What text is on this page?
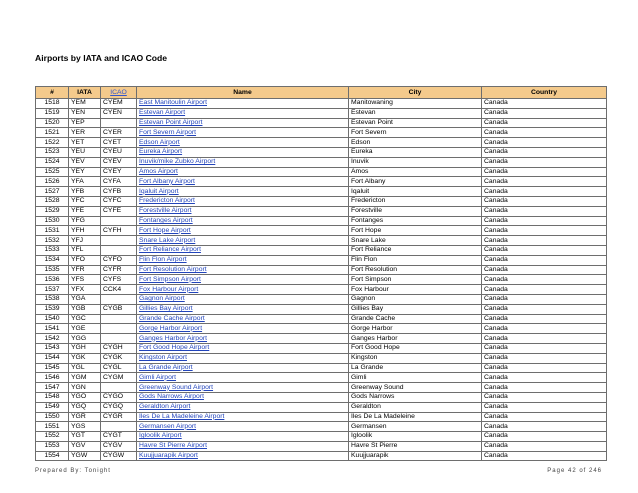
Airports by IATA and ICAO Code
#	IATA	ICAO	Name	City	Country
1518	YEM	CYEM	East Manitoulin Airport	Manitowaning	Canada
1519	YEN	CYEN	Estevan Airport	Estevan	Canada
1520	YEP		Estevan Point Airport	Estevan Point	Canada
1521	YER	CYER	Fort Severn Airport	Fort Severn	Canada
1522	YET	CYET	Edson Airport	Edson	Canada
1523	YEU	CYEU	Eureka Airport	Eureka	Canada
1524	YEV	CYEV	Inuvik/mike Zubko Airport	Inuvik	Canada
1525	YEY	CYEY	Amos Airport	Amos	Canada
1526	YFA	CYFA	Fort Albany Airport	Fort Albany	Canada
1527	YFB	CYFB	Iqaluit Airport	Iqaluit	Canada
1528	YFC	CYFC	Fredericton Airport	Fredericton	Canada
1529	YFE	CYFE	Forestville Airport	Forestville	Canada
1530	YFG		Fontanges Airport	Fontanges	Canada
1531	YFH	CYFH	Fort Hope Airport	Fort Hope	Canada
1532	YFJ		Snare Lake Airport	Snare Lake	Canada
1533	YFL		Fort Reliance Airport	Fort Reliance	Canada
1534	YFO	CYFO	Flin Flon Airport	Flin Flon	Canada
1535	YFR	CYFR	Fort Resolution Airport	Fort Resolution	Canada
1536	YFS	CYFS	Fort Simpson Airport	Fort Simpson	Canada
1537	YFX	CCK4	Fox Harbour Airport	Fox Harbour	Canada
1538	YGA		Gagnon Airport	Gagnon	Canada
1539	YGB	CYGB	Gillies Bay Airport	Gillies Bay	Canada
1540	YGC		Grande Cache Airport	Grande Cache	Canada
1541	YGE		Gorge Harbor Airport	Gorge Harbor	Canada
1542	YGG		Ganges Harbor Airport	Ganges Harbor	Canada
1543	YGH	CYGH	Fort Good Hope Airport	Fort Good Hope	Canada
1544	YGK	CYGK	Kingston Airport	Kingston	Canada
1545	YGL	CYGL	La Grande Airport	La Grande	Canada
1546	YGM	CYGM	Gimli Airport	Gimli	Canada
1547	YGN		Greenway Sound Airport	Greenway Sound	Canada
1548	YGO	CYGO	Gods Narrows Airport	Gods Narrows	Canada
1549	YGQ	CYGQ	Geraldton Airport	Geraldton	Canada
1550	YGR	CYGR	Iles De La Madeleine Airport	Iles De La Madeleine	Canada
1551	YGS		Germansen Airport	Germansen	Canada
1552	YGT	CYGT	Igloolik Airport	Igloolik	Canada
1553	YGV	CYGV	Havre St Pierre Airport	Havre St Pierre	Canada
1554	YGW	CYGW	Kuujjuarapik Airport	Kuujjuarapik	Canada
Prepared By: Tonight	Page 42 of 246
